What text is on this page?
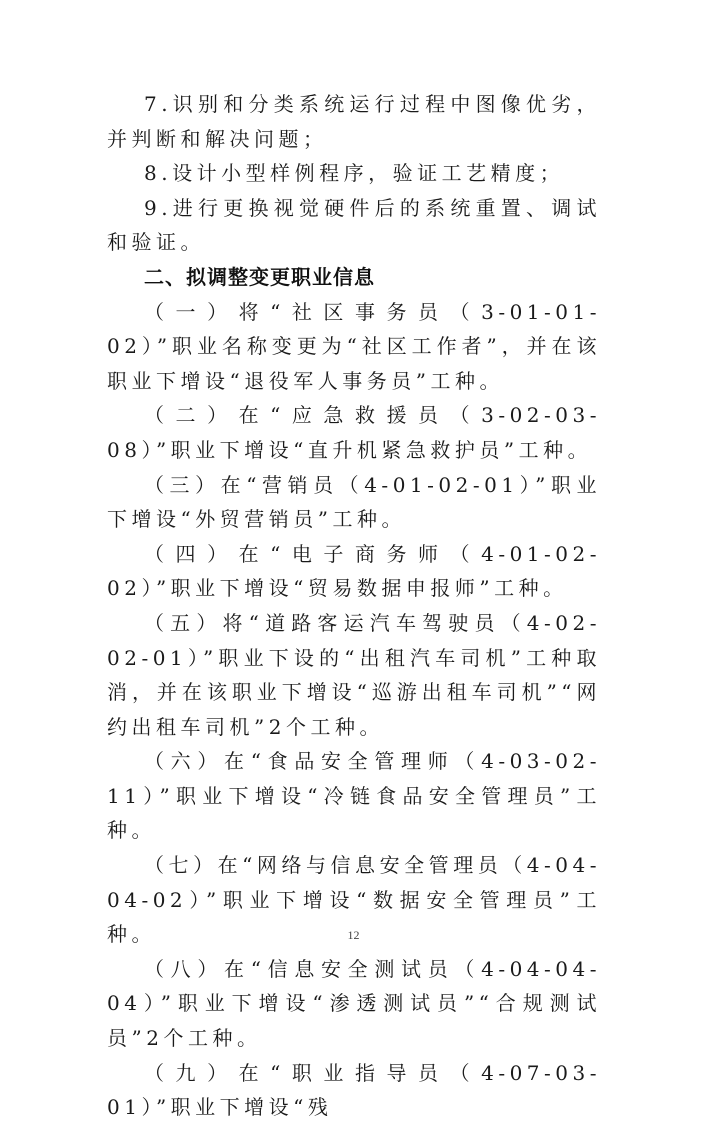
7.识别和分类系统运行过程中图像优劣，并判断和解决问题；

8.设计小型样例程序，验证工艺精度；

9.进行更换视觉硬件后的系统重置、调试和验证。

二、拟调整变更职业信息

（一）将“社区事务员（3-01-01-02）”职业名称变更为“社区工作者”，并在该职业下增设“退役军人事务员”工种。

（二）在“应急救援员（3-02-03-08）”职业下增设“直升机紧急救护员”工种。

（三）在“营销员（4-01-02-01）”职业下增设“外贸营销员”工种。

（四）在“电子商务师（4-01-02-02）”职业下增设“贸易数据申报师”工种。

（五）将“道路客运汽车驾驶员（4-02-02-01）”职业下设的“出租汽车司机”工种取消，并在该职业下增设“巡游出租车司机”“网约出租车司机”2个工种。

（六）在“食品安全管理师（4-03-02-11）”职业下增设“冷链食品安全管理员”工种。

（七）在“网络与信息安全管理员（4-04-04-02）”职业下增设“数据安全管理员”工种。

（八）在“信息安全测试员（4-04-04-04）”职业下增设“渗透测试员”“合规测试员”2个工种。

（九）在“职业指导员（4-07-03-01）”职业下增设“残

12
